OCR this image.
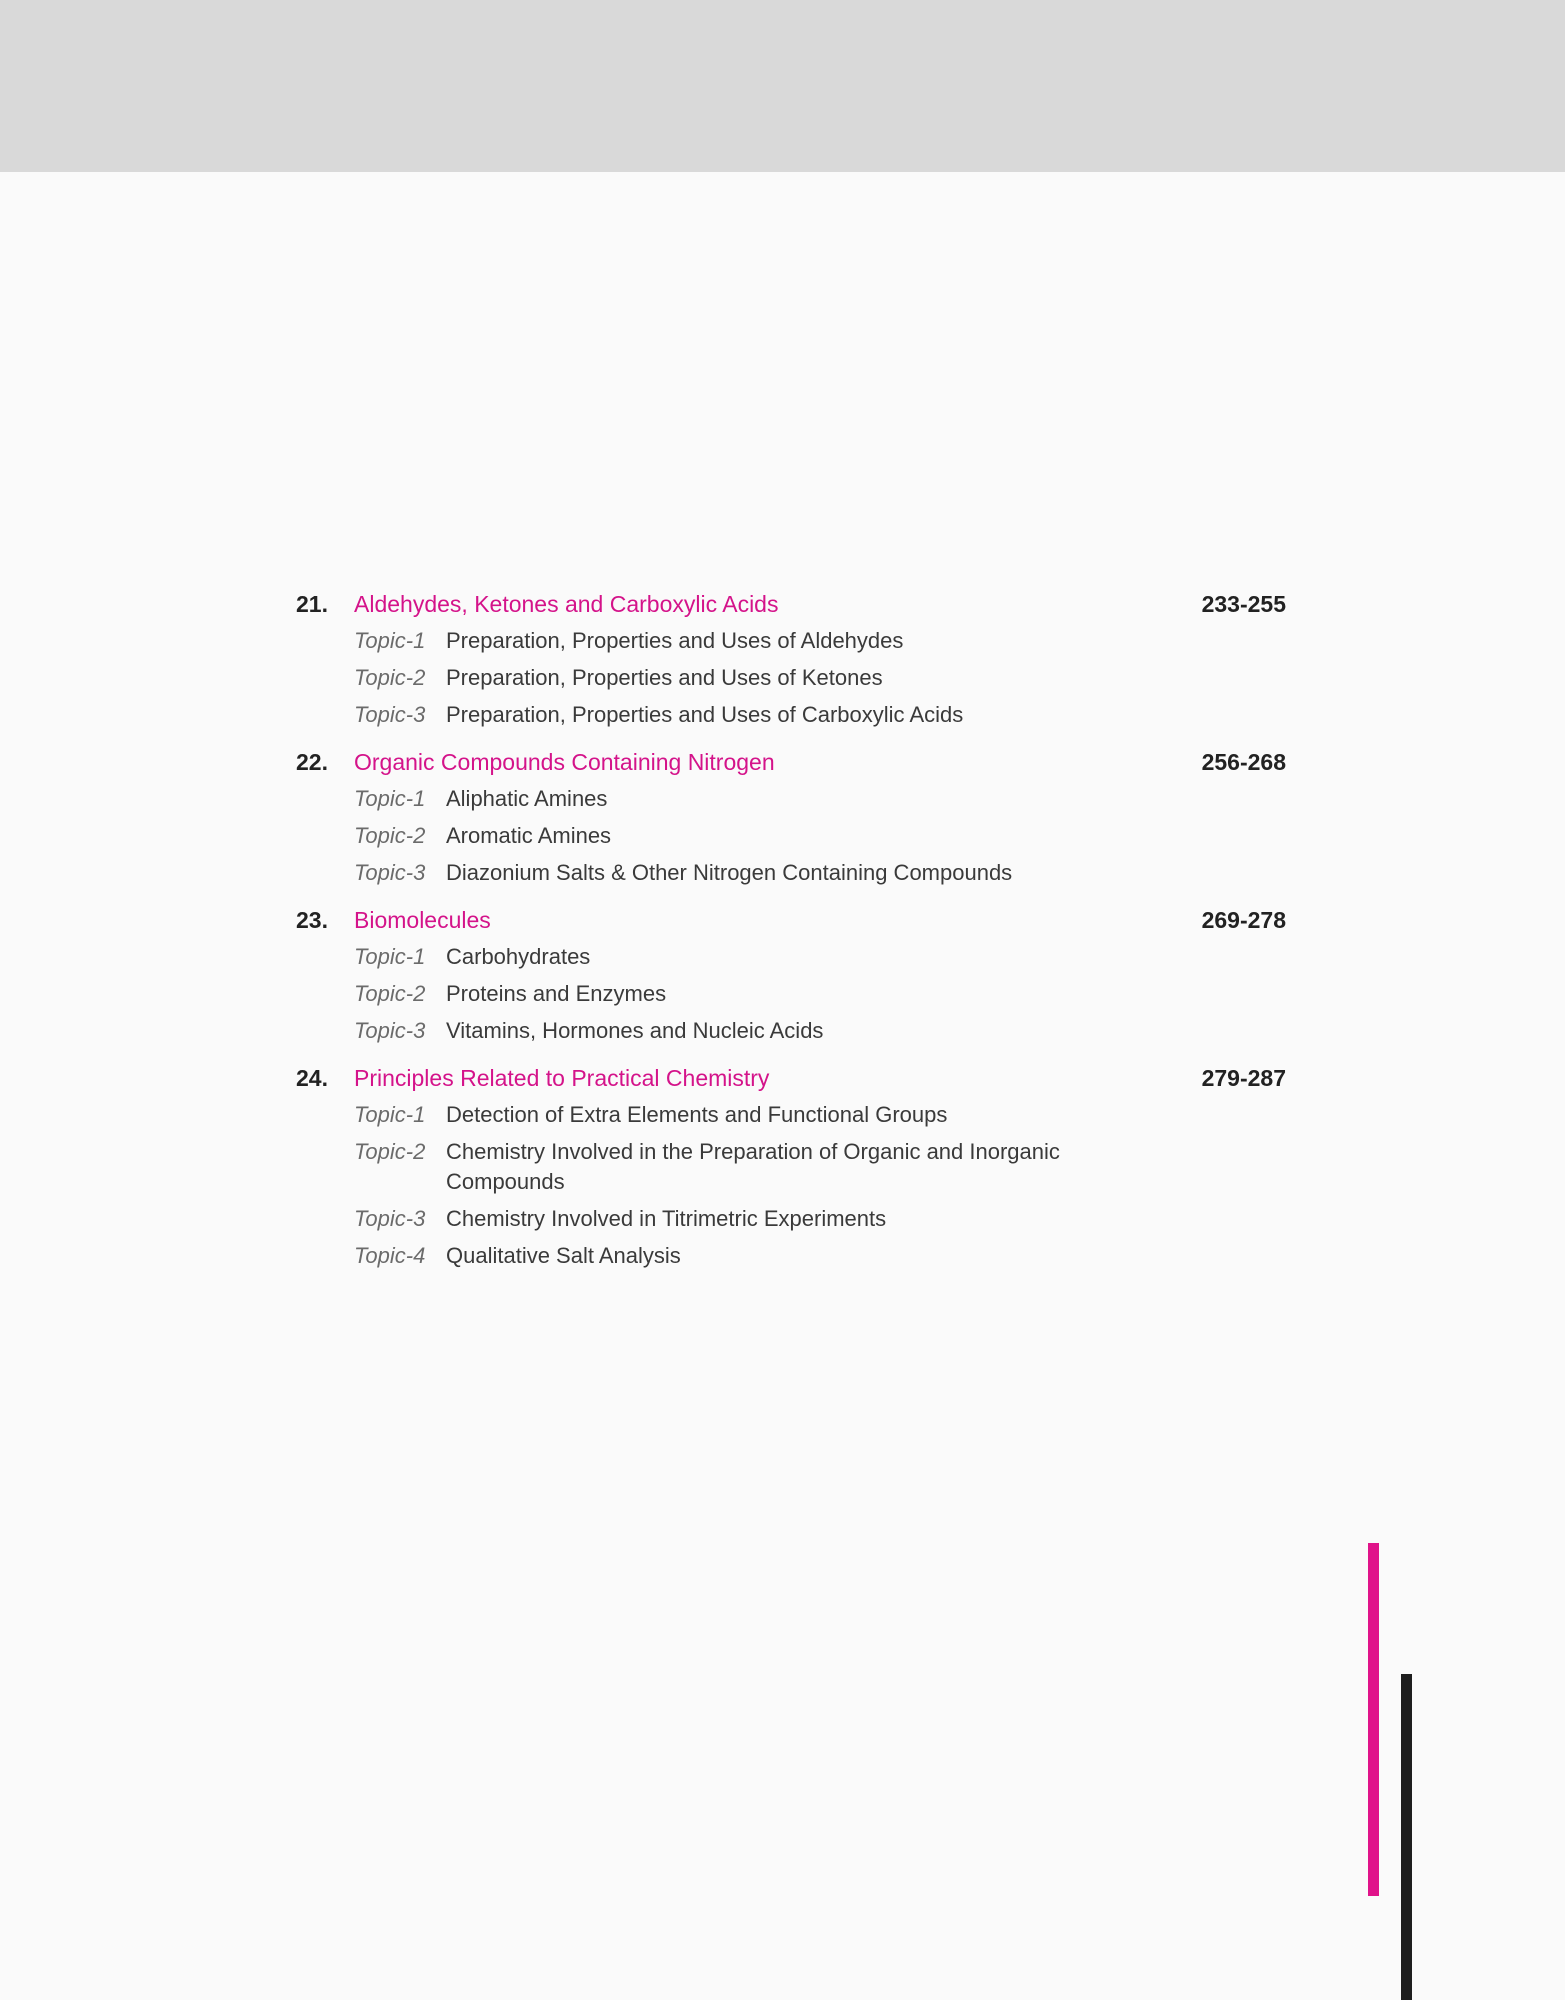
21. Aldehydes, Ketones and Carboxylic Acids	233-255
Topic-1 Preparation, Properties and Uses of Aldehydes
Topic-2 Preparation, Properties and Uses of Ketones
Topic-3 Preparation, Properties and Uses of Carboxylic Acids
22. Organic Compounds Containing Nitrogen	256-268
Topic-1 Aliphatic Amines
Topic-2 Aromatic Amines
Topic-3 Diazonium Salts & Other Nitrogen Containing Compounds
23. Biomolecules	269-278
Topic-1 Carbohydrates
Topic-2 Proteins and Enzymes
Topic-3 Vitamins, Hormones and Nucleic Acids
24. Principles Related to Practical Chemistry	279-287
Topic-1 Detection of Extra Elements and Functional Groups
Topic-2 Chemistry Involved in the Preparation of Organic and Inorganic Compounds
Topic-3 Chemistry Involved in Titrimetric Experiments
Topic-4 Qualitative Salt Analysis
